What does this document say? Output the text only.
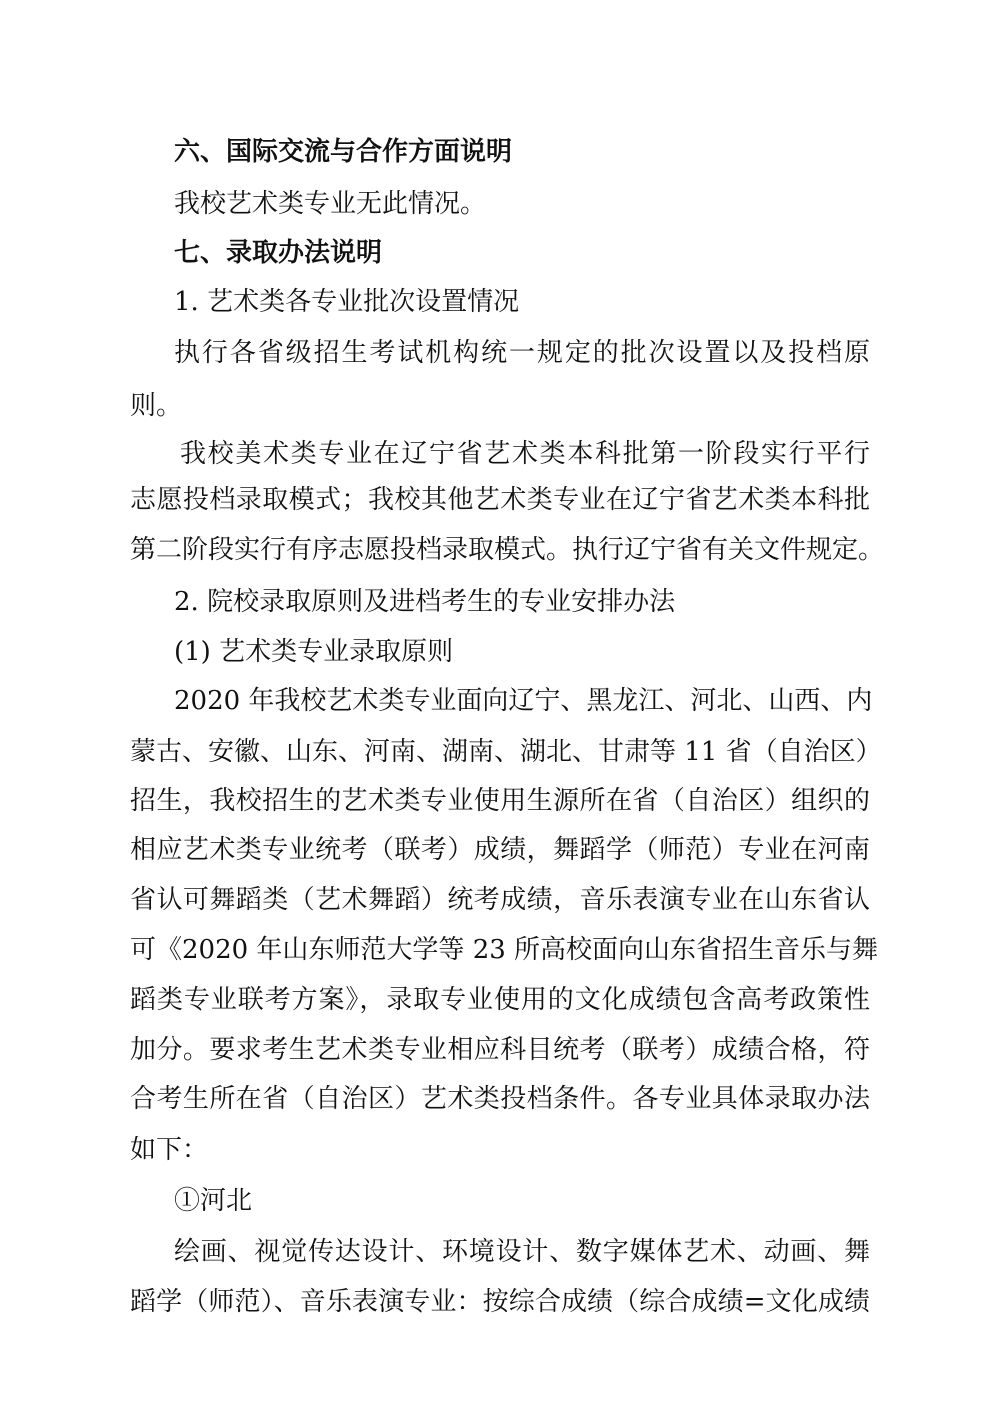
六、国际交流与合作方面说明

我校艺术类专业无此情况。

七、录取办法说明

1. 艺术类各专业批次设置情况

执行各省级招生考试机构统一规定的批次设置以及投档原

则。

我校美术类专业在辽宁省艺术类本科批第一阶段实行平行

志愿投档录取模式；我校其他艺术类专业在辽宁省艺术类本科批

第二阶段实行有序志愿投档录取模式。执行辽宁省有关文件规定。

2. 院校录取原则及进档考生的专业安排办法

(1) 艺术类专业录取原则

2020 年我校艺术类专业面向辽宁、黑龙江、河北、山西、内

蒙古、安徽、山东、河南、湖南、湖北、甘肃等 11 省（自治区）

招生，我校招生的艺术类专业使用生源所在省（自治区）组织的

相应艺术类专业统考（联考）成绩，舞蹈学（师范）专业在河南

省认可舞蹈类（艺术舞蹈）统考成绩，音乐表演专业在山东省认

可《2020 年山东师范大学等 23 所高校面向山东省招生音乐与舞

蹈类专业联考方案》，录取专业使用的文化成绩包含高考政策性

加分。要求考生艺术类专业相应科目统考（联考）成绩合格，符

合考生所在省（自治区）艺术类投档条件。各专业具体录取办法

如下：

①河北

绘画、视觉传达设计、环境设计、数字媒体艺术、动画、舞

蹈学（师范）、音乐表演专业：按综合成绩（综合成绩=文化成绩
